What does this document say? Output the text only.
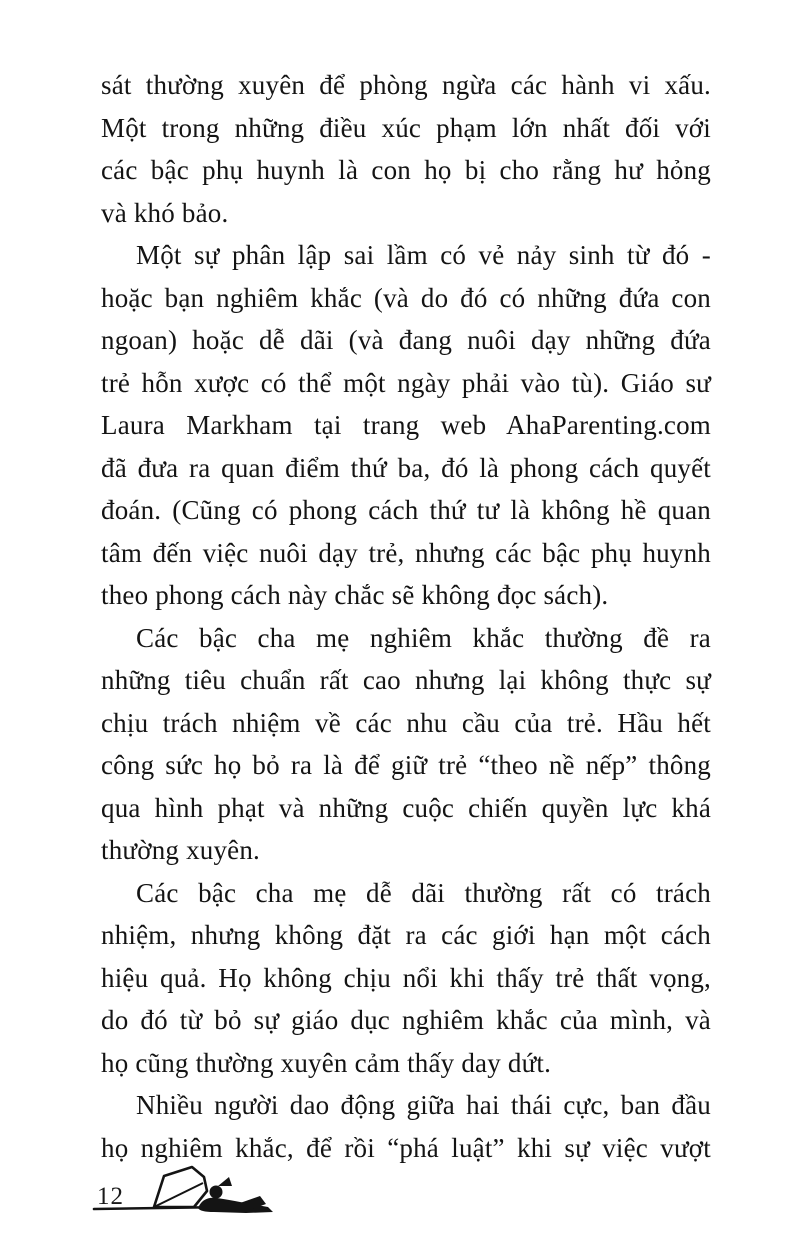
sát thường xuyên để phòng ngừa các hành vi xấu.
Một trong những điều xúc phạm lớn nhất đối với
các bậc phụ huynh là con họ bị cho rằng hư hỏng
và khó bảo.
Một sự phân lập sai lầm có vẻ nảy sinh từ đó -
hoặc bạn nghiêm khắc (và do đó có những đứa con
ngoan) hoặc dễ dãi (và đang nuôi dạy những đứa
trẻ hỗn xược có thể một ngày phải vào tù). Giáo sư
Laura Markham tại trang web AhaParenting.com
đã đưa ra quan điểm thứ ba, đó là phong cách quyết
đoán. (Cũng có phong cách thứ tư là không hề quan
tâm đến việc nuôi dạy trẻ, nhưng các bậc phụ huynh
theo phong cách này chắc sẽ không đọc sách).
Các bậc cha mẹ nghiêm khắc thường đề ra
những tiêu chuẩn rất cao nhưng lại không thực sự
chịu trách nhiệm về các nhu cầu của trẻ. Hầu hết
công sức họ bỏ ra là để giữ trẻ “theo nề nếp” thông
qua hình phạt và những cuộc chiến quyền lực khá
thường xuyên.
Các bậc cha mẹ dễ dãi thường rất có trách
nhiệm, nhưng không đặt ra các giới hạn một cách
hiệu quả. Họ không chịu nổi khi thấy trẻ thất vọng,
do đó từ bỏ sự giáo dục nghiêm khắc của mình, và
họ cũng thường xuyên cảm thấy day dứt.
Nhiều người dao động giữa hai thái cực, ban đầu
họ nghiêm khắc, để rồi “phá luật” khi sự việc vượt
12
